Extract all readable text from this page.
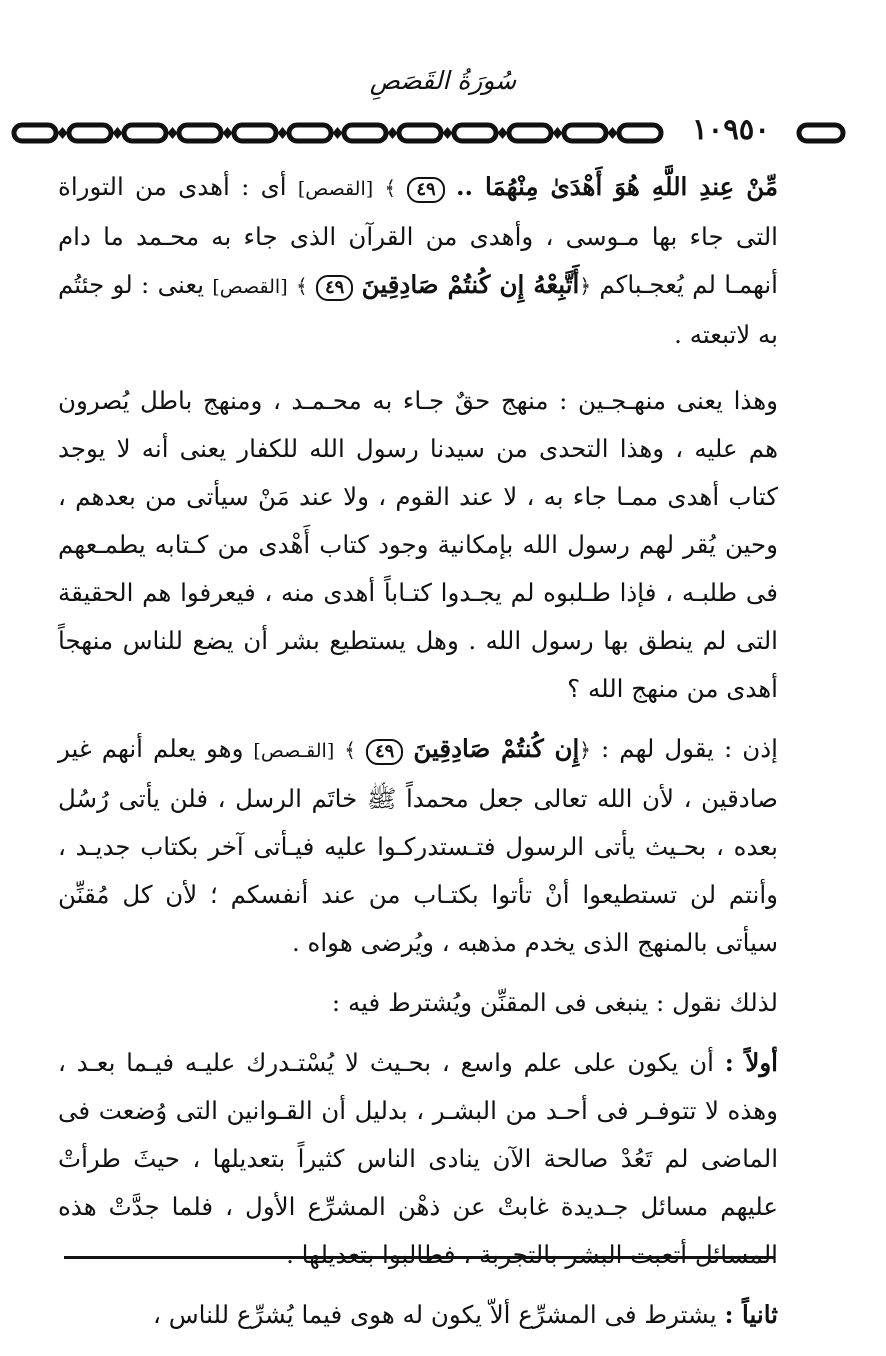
سُورَةُ القَصَصِ
١٠٩٥٠

مِّنْ عِندِ اللَّهِ هُوَ أَهْدَىٰ مِنْهُمَا .. ٤٩ ﴾ [القصص] أى : أهدى من التوراة التى جاء بها مـوسى ، وأهدى من القرآن الذى جاء به محـمد ما دام أنهمـا لم يُعجـباكم ﴿أَتَّبِعْهُ إِن كُنتُمْ صَادِقِينَ ٤٩ ﴾ [القصص] يعنى : لو جئتُم به لاتبعته .

وهذا يعنى منهـجـين : منهج حقٌ جـاء به محـمـد ، ومنهج باطل يُصرون هم عليه ، وهذا التحدى من سيدنا رسول الله للكفار يعنى أنه لا يوجد كتاب أهدى ممـا جاء به ، لا عند القوم ، ولا عند مَنْ سيأتى من بعدهم ، وحين يُقر لهم رسول الله بإمكانية وجود كتاب أَهْدى من كـتابه يطمـعهم فى طلبـه ، فإذا طـلبوه لم يجـدوا كتـاباً أهدى منه ، فيعرفوا هم الحقيقة التى لم ينطق بها رسول الله . وهل يستطيع بشر أن يضع للناس منهجاً أهدى من منهج الله ؟

إذن : يقول لهم : ﴿إِن كُنتُمْ صَادِقِينَ ٤٩ ﴾ [القـصص] وهو يعلم أنهم غير صادقين ، لأن الله تعالى جعل محمداً ﷺ خاتَم الرسل ، فلن يأتى رُسُل بعده ، بحـيث يأتى الرسول فتـستدركـوا عليه فيـأتى آخر بكتاب جديـد ، وأنتم لن تستطيعوا أنْ تأتوا بكتـاب من عند أنفسكم ؛ لأن كل مُقنِّن سيأتى بالمنهج الذى يخدم مذهبه ، ويُرضى هواه .

لذلك نقول : ينبغى فى المقنِّن ويُشترط فيه :

أولاً : أن يكون على علم واسع ، بحـيث لا يُسْتـدرك عليـه فيـما بعـد ، وهذه لا تتوفـر فى أحـد من البشـر ، بدليل أن القـوانين التى وُضعت فى الماضى لم تَعُدْ صالحة الآن ينادى الناس كثيراً بتعديلها ، حيثَ طرأتْ عليهم مسائل جـديدة غابتْ عن ذهْن المشرِّع الأول ، فلما جدَّتْ هذه المسائل أتعبت البشر بالتجربة ، فطالبوا بتعديلها .

ثانياً : يشترط فى المشرِّع ألاّ يكون له هوى فيما يُشرِّع للناس ،
